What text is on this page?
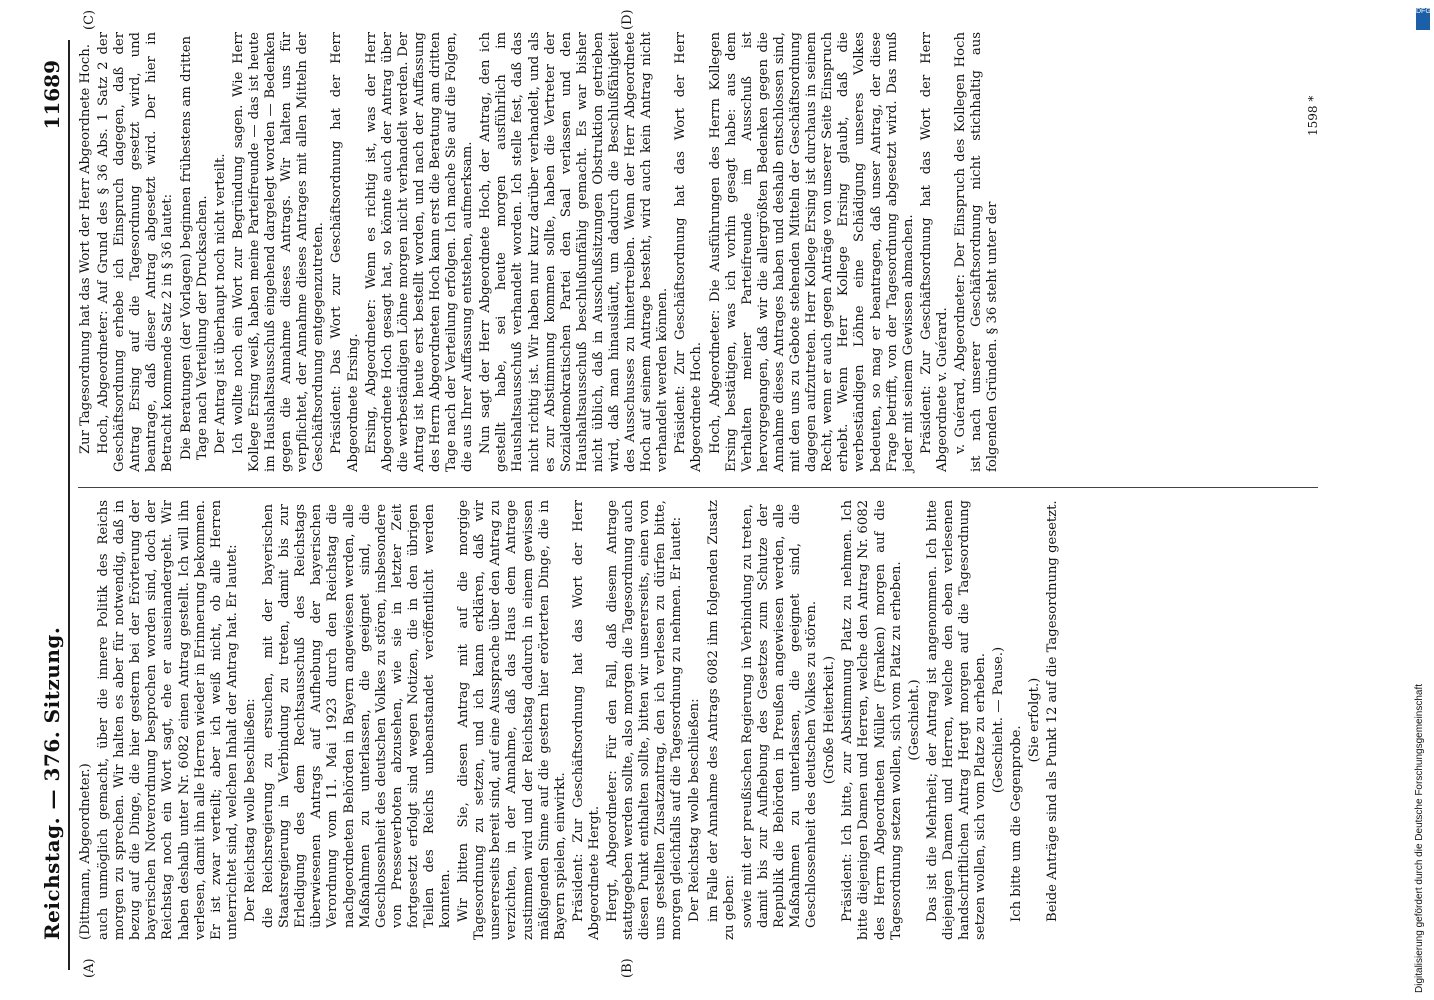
Reichstag. — 376. Sitzung.
11689
(A)	(B)
(C)	(D)

(Dittmann, Abgeordneter.) auch unmöglich gemacht, über die innere Politik des Reichs morgen zu sprechen. Wir halten es aber für notwendig, daß in bezug auf die Dinge, die hier gestern bei der Erörterung der bayerischen Notverordnung besprochen worden sind, doch der Reichstag noch ein Wort sagt, ehe er auseinandergeht. Wir haben deshalb unter Nr. 6082 einen Antrag gestellt. Ich will ihn verlesen, damit ihn alle Herren wieder in Erinnerung bekommen. Er ist zwar verteilt; aber ich weiß nicht, ob alle Herren unterrichtet sind, welchen Inhalt der Antrag hat. Er lautet: Der Reichstag wolle beschließen: die Reichsregierung zu ersuchen, mit der bayerischen Staatsregierung in Verbindung zu treten, damit bis zur Erledigung des dem Rechtsausschuß des Reichstags überwiesenen Antrags auf Aufhebung der bayerischen Verordnung vom 11. Mai 1923 durch den Reichstag die nachgeordneten Behörden in Bayern angewiesen werden, alle Maßnahmen zu unterlassen, die geeignet sind, die Geschlossenheit des deutschen Volkes zu stören, insbesondere von Presseverboten abzusehen, wie sie in letzter Zeit fortgesetzt erfolgt sind wegen Notizen, die in den übrigen Teilen des Reichs unbeanstandet veröffentlicht werden konnten. Wir bitten Sie, diesen Antrag mit auf die morgige Tagesordnung zu setzen, und ich kann erklären, daß wir unsererseits bereit sind, auf eine Aussprache über den Antrag zu verzichten, in der Annahme, daß das Haus dem Antrage zustimmen wird und der Reichstag dadurch in einem gewissen mäßigenden Sinne auf die gestern hier erörterten Dinge, die in Bayern spielen, einwirkt. Präsident: Zur Geschäftsordnung hat das Wort der Herr Abgeordnete Hergt. Hergt, Abgeordneter: Für den Fall, daß diesem Antrage stattgegeben werden sollte, also morgen die Tagesordnung auch diesen Punkt enthalten sollte, bitten wir unsererseits, einen von uns gestellten Zusatzantrag, den ich verlesen zu dürfen bitte, morgen gleichfalls auf die Tagesordnung zu nehmen. Er lautet: Der Reichstag wolle beschließen: im Falle der Annahme des Antrags 6082 ihm folgenden Zusatz zu geben: sowie mit der preußischen Regierung in Verbindung zu treten, damit bis zur Aufhebung des Gesetzes zum Schutze der Republik die Behörden in Preußen angewiesen werden, alle Maßnahmen zu unterlassen, die geeignet sind, die Geschlossenheit des deutschen Volkes zu stören. (Große Heiterkeit.) Präsident: Ich bitte, zur Abstimmung Platz zu nehmen. Ich bitte diejenigen Damen und Herren, welche den Antrag Nr. 6082 des Herrn Abgeordneten Müller (Franken) morgen auf die Tagesordnung setzen wollen, sich vom Platz zu erheben. (Geschieht.) Das ist die Mehrheit; der Antrag ist angenommen. Ich bitte diejenigen Damen und Herren, welche den eben verlesenen handschriftlichen Antrag Hergt morgen auf die Tagesordnung setzen wollen, sich vom Platze zu erheben. (Geschieht. — Pause.)

Ich bitte um die Gegenprobe.

(Sie erfolgt.) Beide Anträge sind als Punkt 12 auf die Tagesordnung gesetzt.

Zur Tagesordnung hat das Wort der Herr Abgeordnete Hoch. Hoch, Abgeordneter: Auf Grund des § 36 Abs. 1 Satz 2 der Geschäftsordnung erhebe ich Einspruch dagegen, daß der Antrag Ersing auf die Tagesordnung gesetzt wird, und beantrage, daß dieser Antrag abgesetzt wird. Der hier in Betracht kommende Satz 2 in § 36 lautet: Die Beratungen (der Vorlagen) beginnen frühestens am dritten Tage nach Verteilung der Drucksachen. Der Antrag ist überhaupt noch nicht verteilt. Ich wollte noch ein Wort zur Begründung sagen. Wie Herr Kollege Ersing weiß, haben meine Parteifreunde — das ist heute im Haushaltsausschuß eingehend dargelegt worden — Bedenken gegen die Annahme dieses Antrags. Wir halten uns für verpflichtet, der Annahme dieses Antrages mit allen Mitteln der Geschäftsordnung entgegenzutreten. Präsident: Das Wort zur Geschäftsordnung hat der Herr Abgeordnete Ersing. Ersing, Abgeordneter: Wenn es richtig ist, was der Herr Abgeordnete Hoch gesagt hat, so könnte auch der Antrag über die werbeständigen Löhne morgen nicht verhandelt werden. Der Antrag ist heute erst bestellt worden, und nach der Auffassung des Herrn Abgeordneten Hoch kann erst die Beratung am dritten Tage nach der Verteilung erfolgen. Ich mache Sie auf die Folgen, die aus Ihrer Auffassung entstehen, aufmerksam. Nun sagt der Herr Abgeordnete Hoch, der Antrag, den ich gestellt habe, sei heute morgen ausführlich im Haushaltsausschuß verhandelt worden. Ich stelle fest, daß das nicht richtig ist. Wir haben nur kurz darüber verhandelt, und als es zur Abstimmung kommen sollte, haben die Vertreter der Sozialdemokratischen Partei den Saal verlassen und den Haushaltsausschuß beschlußunfähig gemacht. Es war bisher nicht üblich, daß in Ausschußsitzungen Obstruktion getrieben wird, daß man hinausläuft, um dadurch die Beschlußfähigkeit des Ausschusses zu hintertreiben. Wenn der Herr Abgeordnete Hoch auf seinem Antrage besteht, wird auch kein Antrag nicht verhandelt werden können. Präsident: Zur Geschäftsordnung hat das Wort der Herr Abgeordnete Hoch. Hoch, Abgeordneter: Die Ausführungen des Herrn Kollegen Ersing bestätigen, was ich vorhin gesagt habe: aus dem Verhalten meiner Parteifreunde im Ausschuß ist hervorgegangen, daß wir die allergrößten Bedenken gegen die Annahme dieses Antrages haben und deshalb entschlossen sind, mit den uns zu Gebote stehenden Mitteln der Geschäftsordnung dagegen aufzutreten. Herr Kollege Ersing ist durchaus in seinem Recht, wenn er auch gegen Anträge von unserer Seite Einspruch erhebt. Wenn Herr Kollege Ersing glaubt, daß die werbeständigen Löhne eine Schädigung unseres Volkes bedeuten, so mag er beantragen, daß unser Antrag, der diese Frage betrifft, von der Tagesordnung abgesetzt wird. Das muß jeder mit seinem Gewissen abmachen. Präsident: Zur Geschäftsordnung hat das Wort der Herr Abgeordnete v. Guérard. v. Guérard, Abgeordneter: Der Einspruch des Kollegen Hoch ist nach unserer Geschäftsordnung nicht stichhaltig aus folgenden Gründen. § 36 steht unter der

1598 *
DFG
Digitalisierung gefördert durch die Deutsche Forschungsgemeinschaft
